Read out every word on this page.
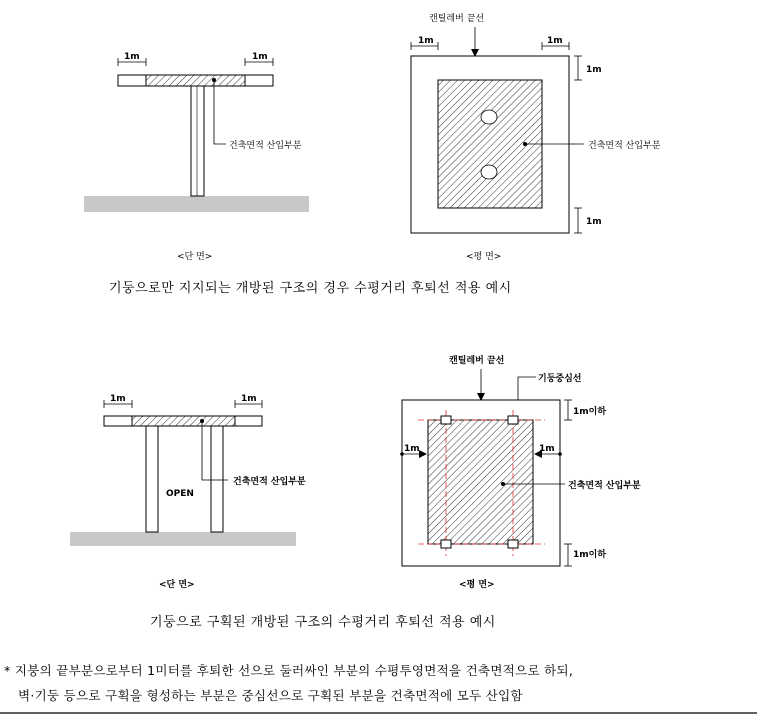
1m	1m
건축면적 산입부분
<단 면>
캔틸레버 끝선
1m	1m
1m
1m
건축면적 산입부분
<평 면>
기둥으로만 지지되는 개방된 구조의 경우 수평거리 후퇴선 적용 예시
1m	1m
건축면적 산입부분
OPEN
<단 면>
캔틸레버 끝선
기둥중심선
1m	1m
1m이하
1m이하
건축면적 산입부분
<평 면>
기둥으로 구획된 개방된 구조의 수평거리 후퇴선 적용 예시
* 지붕의 끝부분으로부터 1미터를 후퇴한 선으로 둘러싸인 부분의 수평투영면적을 건축면적으로 하되,
벽·기둥 등으로 구획을 형성하는 부분은 중심선으로 구획된 부분을 건축면적에 모두 산입함
